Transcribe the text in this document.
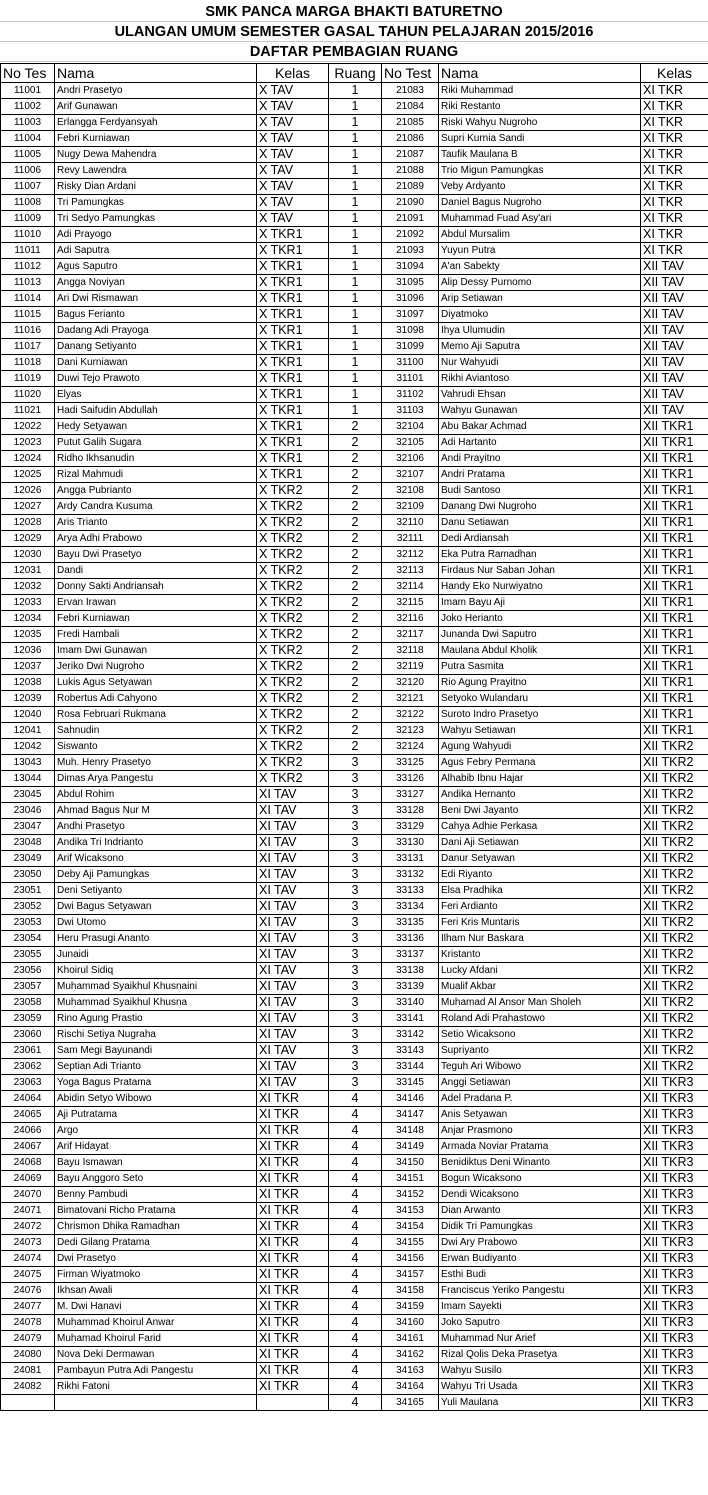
SMK PANCA MARGA BHAKTI BATURETNO
ULANGAN UMUM SEMESTER GASAL TAHUN PELAJARAN 2015/2016
DAFTAR PEMBAGIAN RUANG
No Tes	Nama	Kelas	Ruang	No Test	Nama	Kelas
11001	Andri Prasetyo	X TAV	1	21083	Riki Muhammad	XI TKR
11002	Arif Gunawan	X TAV	1	21084	Riki Restanto	XI TKR
11003	Erlangga Ferdyansyah	X TAV	1	21085	Riski Wahyu Nugroho	XI TKR
11004	Febri Kurniawan	X TAV	1	21086	Supri Kurnia Sandi	XI TKR
11005	Nugy Dewa Mahendra	X TAV	1	21087	Taufik Maulana B	XI TKR
11006	Revy Lawendra	X TAV	1	21088	Trio Migun Pamungkas	XI TKR
11007	Risky Dian Ardani	X TAV	1	21089	Veby Ardyanto	XI TKR
11008	Tri Pamungkas	X TAV	1	21090	Daniel Bagus Nugroho	XI TKR
11009	Tri Sedyo Pamungkas	X TAV	1	21091	Muhammad Fuad Asy'ari	XI TKR
11010	Adi Prayogo	X TKR1	1	21092	Abdul Mursalim	XI TKR
11011	Adi Saputra	X TKR1	1	21093	Yuyun Putra	XI TKR
11012	Agus Saputro	X TKR1	1	31094	A'an Sabekty	XII TAV
11013	Angga Noviyan	X TKR1	1	31095	Alip Dessy Purnomo	XII TAV
11014	Ari Dwi Rismawan	X TKR1	1	31096	Arip Setiawan	XII TAV
11015	Bagus Ferianto	X TKR1	1	31097	Diyatmoko	XII TAV
11016	Dadang Adi Prayoga	X TKR1	1	31098	Ihya Ulumudin	XII TAV
11017	Danang Setiyanto	X TKR1	1	31099	Memo Aji Saputra	XII TAV
11018	Dani Kurniawan	X TKR1	1	31100	Nur Wahyudi	XII TAV
11019	Duwi Tejo Prawoto	X TKR1	1	31101	Rikhi Aviantoso	XII TAV
11020	Elyas	X TKR1	1	31102	Vahrudi Ehsan	XII TAV
11021	Hadi Saifudin Abdullah	X TKR1	1	31103	Wahyu Gunawan	XII TAV
12022	Hedy Setyawan	X TKR1	2	32104	Abu Bakar Achmad	XII TKR1
12023	Putut Galih Sugara	X TKR1	2	32105	Adi Hartanto	XII TKR1
12024	Ridho Ikhsanudin	X TKR1	2	32106	Andi Prayitno	XII TKR1
12025	Rizal Mahmudi	X TKR1	2	32107	Andri Pratama	XII TKR1
12026	Angga Pubrianto	X TKR2	2	32108	Budi Santoso	XII TKR1
12027	Ardy Candra Kusuma	X TKR2	2	32109	Danang Dwi Nugroho	XII TKR1
12028	Aris Trianto	X TKR2	2	32110	Danu Setiawan	XII TKR1
12029	Arya Adhi Prabowo	X TKR2	2	32111	Dedi Ardiansah	XII TKR1
12030	Bayu Dwi Prasetyo	X TKR2	2	32112	Eka Putra Ramadhan	XII TKR1
12031	Dandi	X TKR2	2	32113	Firdaus Nur Saban Johan	XII TKR1
12032	Donny Sakti Andriansah	X TKR2	2	32114	Handy Eko Nurwiyatno	XII TKR1
12033	Ervan Irawan	X TKR2	2	32115	Imam Bayu Aji	XII TKR1
12034	Febri Kurniawan	X TKR2	2	32116	Joko Herianto	XII TKR1
12035	Fredi Hambali	X TKR2	2	32117	Junanda Dwi Saputro	XII TKR1
12036	Imam Dwi Gunawan	X TKR2	2	32118	Maulana Abdul Kholik	XII TKR1
12037	Jeriko Dwi Nugroho	X TKR2	2	32119	Putra Sasmita	XII TKR1
12038	Lukis Agus Setyawan	X TKR2	2	32120	Rio Agung Prayitno	XII TKR1
12039	Robertus Adi Cahyono	X TKR2	2	32121	Setyoko Wulandaru	XII TKR1
12040	Rosa Februari Rukmana	X TKR2	2	32122	Suroto Indro Prasetyo	XII TKR1
12041	Sahnudin	X TKR2	2	32123	Wahyu Setiawan	XII TKR1
12042	Siswanto	X TKR2	2	32124	Agung Wahyudi	XII TKR2
13043	Muh. Henry Prasetyo	X TKR2	3	33125	Agus Febry Permana	XII TKR2
13044	Dimas Arya Pangestu	X TKR2	3	33126	Alhabib Ibnu Hajar	XII TKR2
23045	Abdul Rohim	XI TAV	3	33127	Andika Hernanto	XII TKR2
23046	Ahmad Bagus Nur M	XI TAV	3	33128	Beni Dwi Jayanto	XII TKR2
23047	Andhi Prasetyo	XI TAV	3	33129	Cahya Adhie Perkasa	XII TKR2
23048	Andika Tri Indrianto	XI TAV	3	33130	Dani Aji Setiawan	XII TKR2
23049	Arif Wicaksono	XI TAV	3	33131	Danur Setyawan	XII TKR2
23050	Deby Aji Pamungkas	XI TAV	3	33132	Edi Riyanto	XII TKR2
23051	Deni Setiyanto	XI TAV	3	33133	Elsa Pradhika	XII TKR2
23052	Dwi Bagus Setyawan	XI TAV	3	33134	Feri Ardianto	XII TKR2
23053	Dwi Utomo	XI TAV	3	33135	Feri Kris Muntaris	XII TKR2
23054	Heru Prasugi Ananto	XI TAV	3	33136	Ilham Nur Baskara	XII TKR2
23055	Junaidi	XI TAV	3	33137	Kristanto	XII TKR2
23056	Khoirul Sidiq	XI TAV	3	33138	Lucky Afdani	XII TKR2
23057	Muhammad Syaikhul Khusnaini	XI TAV	3	33139	Mualif Akbar	XII TKR2
23058	Muhammad Syaikhul Khusna	XI TAV	3	33140	Muhamad Al Ansor Man Sholeh	XII TKR2
23059	Rino Agung Prastio	XI TAV	3	33141	Roland Adi Prahastowo	XII TKR2
23060	Rischi Setiya Nugraha	XI TAV	3	33142	Setio Wicaksono	XII TKR2
23061	Sam Megi Bayunandi	XI TAV	3	33143	Supriyanto	XII TKR2
23062	Septian Adi Trianto	XI TAV	3	33144	Teguh Ari Wibowo	XII TKR2
23063	Yoga Bagus Pratama	XI TAV	3	33145	Anggi Setiawan	XII TKR3
24064	Abidin Setyo Wibowo	XI TKR	4	34146	Adel Pradana P.	XII TKR3
24065	Aji Putratama	XI TKR	4	34147	Anis Setyawan	XII TKR3
24066	Argo	XI TKR	4	34148	Anjar Prasmono	XII TKR3
24067	Arif Hidayat	XI TKR	4	34149	Armada Noviar Pratama	XII TKR3
24068	Bayu Ismawan	XI TKR	4	34150	Benidiktus Deni Winanto	XII TKR3
24069	Bayu Anggoro Seto	XI TKR	4	34151	Bogun Wicaksono	XII TKR3
24070	Benny Pambudi	XI TKR	4	34152	Dendi Wicaksono	XII TKR3
24071	Bimatovani Richo Pratama	XI TKR	4	34153	Dian Arwanto	XII TKR3
24072	Chrismon Dhika Ramadhan	XI TKR	4	34154	Didik Tri Pamungkas	XII TKR3
24073	Dedi Gilang Pratama	XI TKR	4	34155	Dwi Ary Prabowo	XII TKR3
24074	Dwi Prasetyo	XI TKR	4	34156	Erwan Budiyanto	XII TKR3
24075	Firman Wiyatmoko	XI TKR	4	34157	Esthi Budi	XII TKR3
24076	Ikhsan Awali	XI TKR	4	34158	Franciscus Yeriko Pangestu	XII TKR3
24077	M. Dwi Hanavi	XI TKR	4	34159	Imam Sayekti	XII TKR3
24078	Muhammad Khoirul Anwar	XI TKR	4	34160	Joko Saputro	XII TKR3
24079	Muhamad Khoirul Farid	XI TKR	4	34161	Muhammad Nur Arief	XII TKR3
24080	Nova Deki Dermawan	XI TKR	4	34162	Rizal Qolis Deka Prasetya	XII TKR3
24081	Pambayun Putra Adi Pangestu	XI TKR	4	34163	Wahyu Susilo	XII TKR3
24082	Rikhi Fatoni	XI TKR	4	34164	Wahyu Tri Usada	XII TKR3
			4	34165	Yuli Maulana	XII TKR3
